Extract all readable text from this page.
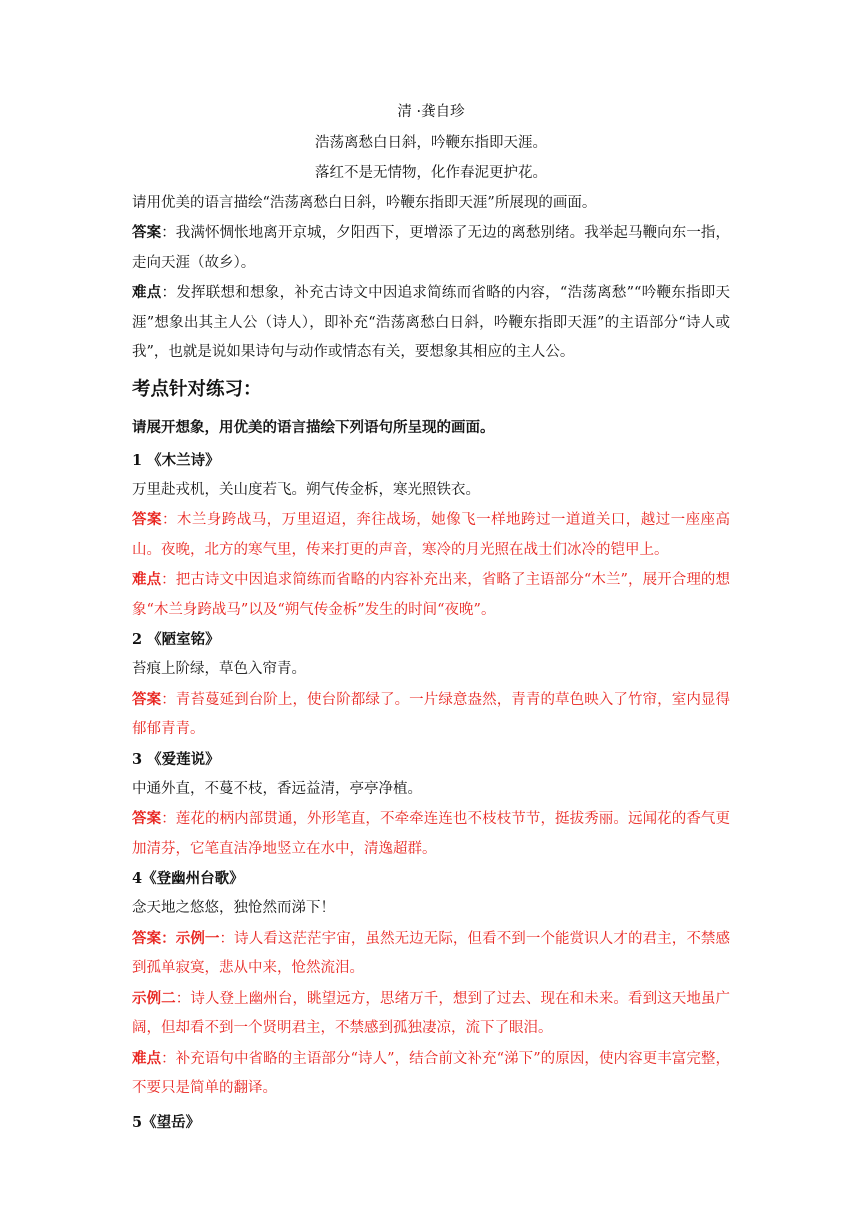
清 ·龚自珍

浩荡离愁白日斜，吟鞭东指即天涯。

落红不是无情物，化作春泥更护花。

请用优美的语言描绘“浩荡离愁白日斜，吟鞭东指即天涯”所展现的画面。

答案：我满怀惆怅地离开京城，夕阳西下，更增添了无边的离愁别绪。我举起马鞭向东一指，走向天涯（故乡）。

难点：发挥联想和想象，补充古诗文中因追求简练而省略的内容，“浩荡离愁”“吟鞭东指即天涯”想象出其主人公（诗人），即补充“浩荡离愁白日斜，吟鞭东指即天涯”的主语部分“诗人或我”，也就是说如果诗句与动作或情态有关，要想象其相应的主人公。

考点针对练习：

请展开想象，用优美的语言描绘下列语句所呈现的画面。

1 《木兰诗》

万里赴戎机，关山度若飞。朔气传金柝，寒光照铁衣。

答案：木兰身跨战马，万里迢迢，奔往战场，她像飞一样地跨过一道道关口，越过一座座高山。夜晚，北方的寒气里，传来打更的声音，寒冷的月光照在战士们冰冷的铠甲上。

难点：把古诗文中因追求简练而省略的内容补充出来，省略了主语部分“木兰”，展开合理的想象“木兰身跨战马”以及“朔气传金柝”发生的时间“夜晚”。

2 《陋室铭》

苔痕上阶绿，草色入帘青。

答案：青苔蔓延到台阶上，使台阶都绿了。一片绿意盎然，青青的草色映入了竹帘，室内显得郁郁青青。

3 《爱莲说》

中通外直，不蔓不枝，香远益清，亭亭净植。

答案：莲花的柄内部贯通，外形笔直，不牵牵连连也不枝枝节节，挺拔秀丽。远闻花的香气更加清芬，它笔直洁净地竖立在水中，清逸超群。

4《登幽州台歌》

念天地之悠悠，独怆然而涕下！

答案：示例一：诗人看这茫茫宇宙，虽然无边无际，但看不到一个能赏识人才的君主，不禁感到孤单寂寞，悲从中来，怆然流泪。

示例二：诗人登上幽州台，眺望远方，思绪万千，想到了过去、现在和未来。看到这天地虽广阔，但却看不到一个贤明君主，不禁感到孤独凄凉，流下了眼泪。

难点：补充语句中省略的主语部分“诗人”，结合前文补充“涕下”的原因，使内容更丰富完整，不要只是简单的翻译。

5《望岳》
